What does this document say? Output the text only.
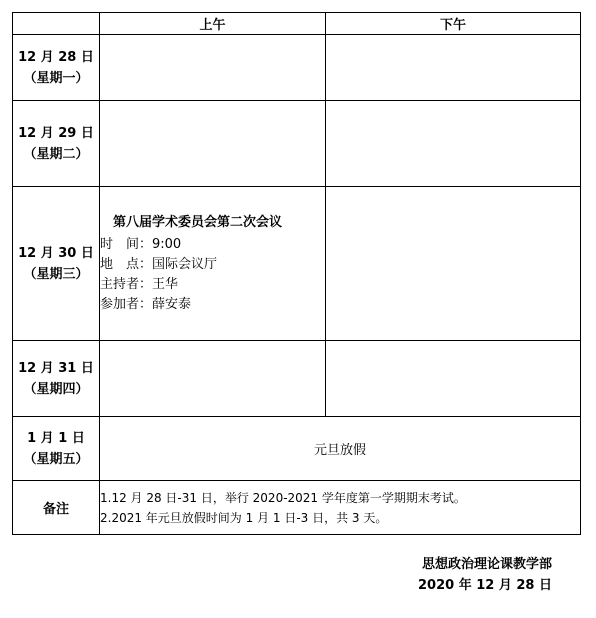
	上午	下午

12 月 28 日
（星期一）		

12 月 29 日
（星期二）		

12 月 30 日
（星期三）	第八届学术委员会第二次会议
时　间：9:00
地　点：国际会议厅
主持者：王华
参加者：薛安泰	

12 月 31 日
（星期四）		

1 月 1 日
（星期五）	元旦放假	
备注	1.12 月 28 日-31 日，举行 2020-2021 学年度第一学期期末考试。
2.2021 年元旦放假时间为 1 月 1 日-3 日，共 3 天。	
思想政治理论课教学部
2020 年 12 月 28 日
